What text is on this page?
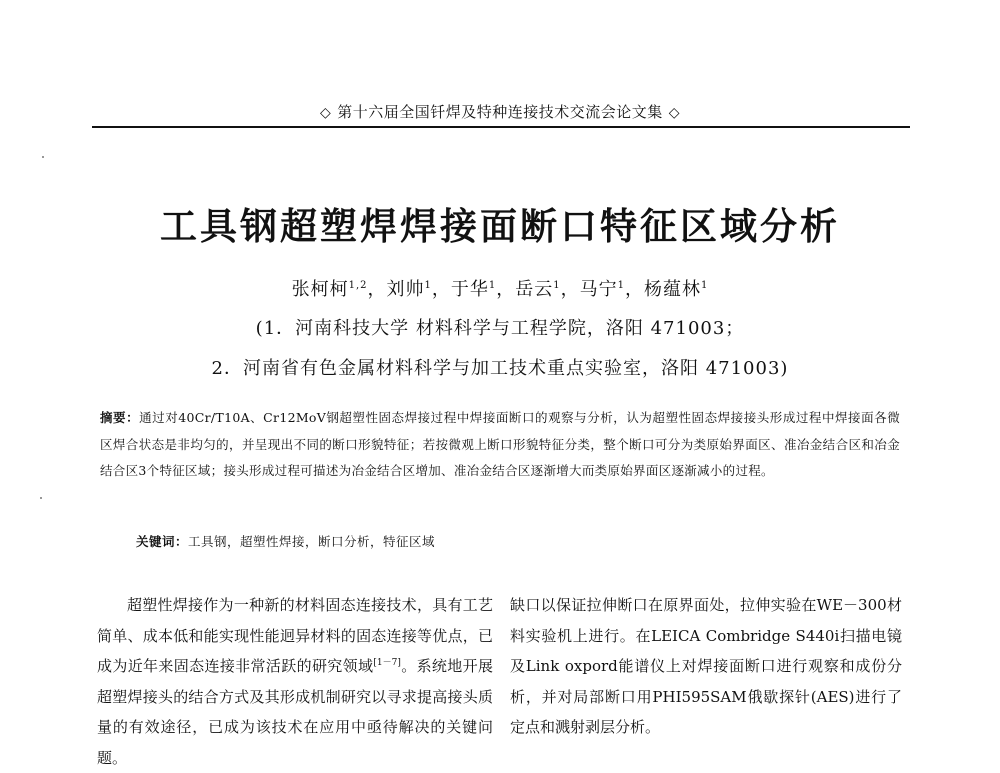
◇ 第十六届全国钎焊及特种连接技术交流会论文集 ◇
工具钢超塑焊焊接面断口特征区域分析
张柯柯$^{1,2}$，刘帅$^1$，于华$^1$，岳云$^1$，马宁$^1$，杨蕴林$^1$
(1．河南科技大学 材料科学与工程学院，洛阳 471003；
2．河南省有色金属材料科学与加工技术重点实验室，洛阳 471003)
摘要：通过对40Cr/T10A、Cr12MoV钢超塑性固态焊接过程中焊接面断口的观察与分析，认为超塑性固态焊接接头形成过程中焊接面各微区焊合状态是非均匀的，并呈现出不同的断口形貌特征；若按微观上断口形貌特征分类，整个断口可分为类原始界面区、准冶金结合区和冶金结合区3个特征区域；接头形成过程可描述为冶金结合区增加、准冶金结合区逐渐增大而类原始界面区逐渐减小的过程。
关键词：工具钢，超塑性焊接，断口分析，特征区域
超塑性焊接作为一种新的材料固态连接技术，具有工艺简单、成本低和能实现性能迥异材料的固态连接等优点，已成为近年来固态连接非常活跃的研究领域[1－7]。系统地开展超塑焊接头的结合方式及其形成机制研究以寻求提高接头质量的有效途径，已成为该技术在应用中亟待解决的关键问题。
缺口以保证拉伸断口在原界面处，拉伸实验在WE－300材料实验机上进行。在LEICA Combridge S440i扫描电镜及Link oxpord能谱仪上对焊接面断口进行观察和成份分析，并对局部断口用PHI595SAM俄歇探针(AES)进行了定点和溅射剥层分析。
